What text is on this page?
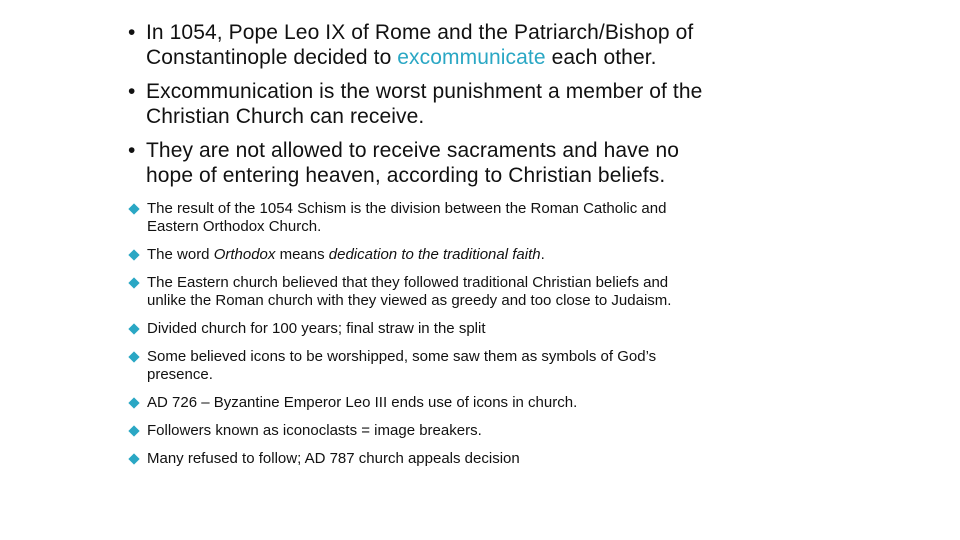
• In 1054, Pope Leo IX of Rome and the Patriarch/Bishop of
Constantinople decided to excommunicate each other.
• Excommunication is the worst punishment a member of the
Christian Church can receive.
• They are not allowed to receive sacraments and have no
hope of entering heaven, according to Christian beliefs.
The result of the 1054 Schism is the division between the Roman Catholic and
Eastern Orthodox Church.
The word Orthodox means dedication to the traditional faith.
The Eastern church believed that they followed traditional Christian beliefs and
unlike the Roman church with they viewed as greedy and too close to Judaism.
Divided church for 100 years; final straw in the split
Some believed icons to be worshipped, some saw them as symbols of God’s
presence.
AD 726 – Byzantine Emperor Leo III ends use of icons in church.
Followers known as iconoclasts = image breakers.
Many refused to follow; AD 787 church appeals decision
